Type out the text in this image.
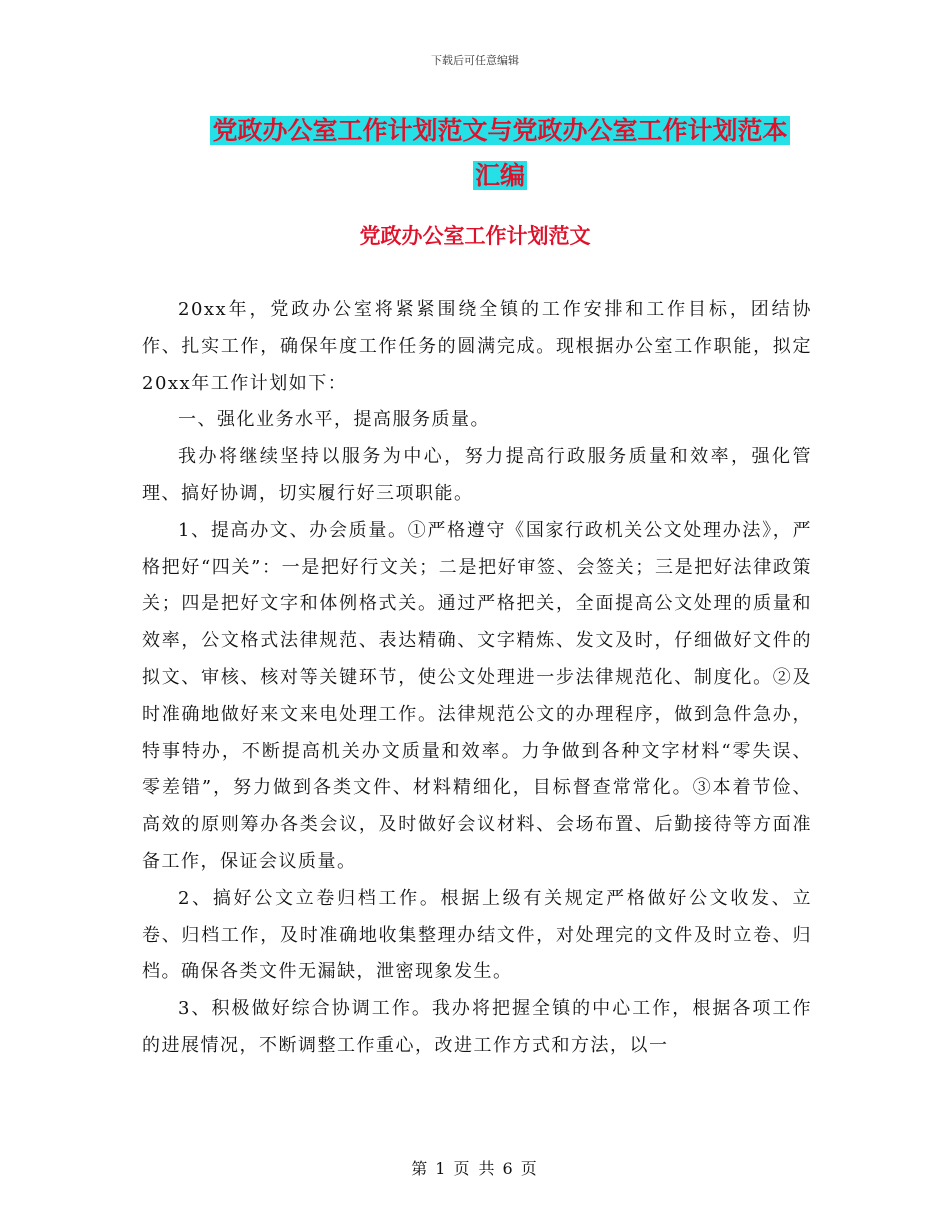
下载后可任意编辑
党政办公室工作计划范文与党政办公室工作计划范本
汇编
党政办公室工作计划范文

20xx年，党政办公室将紧紧围绕全镇的工作安排和工作目标，团结协作、扎实工作，确保年度工作任务的圆满完成。现根据办公室工作职能，拟定20xx年工作计划如下：

一、强化业务水平，提高服务质量。

我办将继续坚持以服务为中心，努力提高行政服务质量和效率，强化管理、搞好协调，切实履行好三项职能。

1、提高办文、办会质量。①严格遵守《国家行政机关公文处理办法》，严格把好“四关”：一是把好行文关；二是把好审签、会签关；三是把好法律政策关；四是把好文字和体例格式关。通过严格把关，全面提高公文处理的质量和效率，公文格式法律规范、表达精确、文字精炼、发文及时，仔细做好文件的拟文、审核、核对等关键环节，使公文处理进一步法律规范化、制度化。②及时准确地做好来文来电处理工作。法律规范公文的办理程序，做到急件急办，特事特办，不断提高机关办文质量和效率。力争做到各种文字材料“零失误、零差错”，努力做到各类文件、材料精细化，目标督查常常化。③本着节俭、高效的原则筹办各类会议，及时做好会议材料、会场布置、后勤接待等方面准备工作，保证会议质量。

2、搞好公文立卷归档工作。根据上级有关规定严格做好公文收发、立卷、归档工作，及时准确地收集整理办结文件，对处理完的文件及时立卷、归档。确保各类文件无漏缺，泄密现象发生。

3、积极做好综合协调工作。我办将把握全镇的中心工作，根据各项工作的进展情况，不断调整工作重心，改进工作方式和方法，以一

第 1 页 共 6 页
